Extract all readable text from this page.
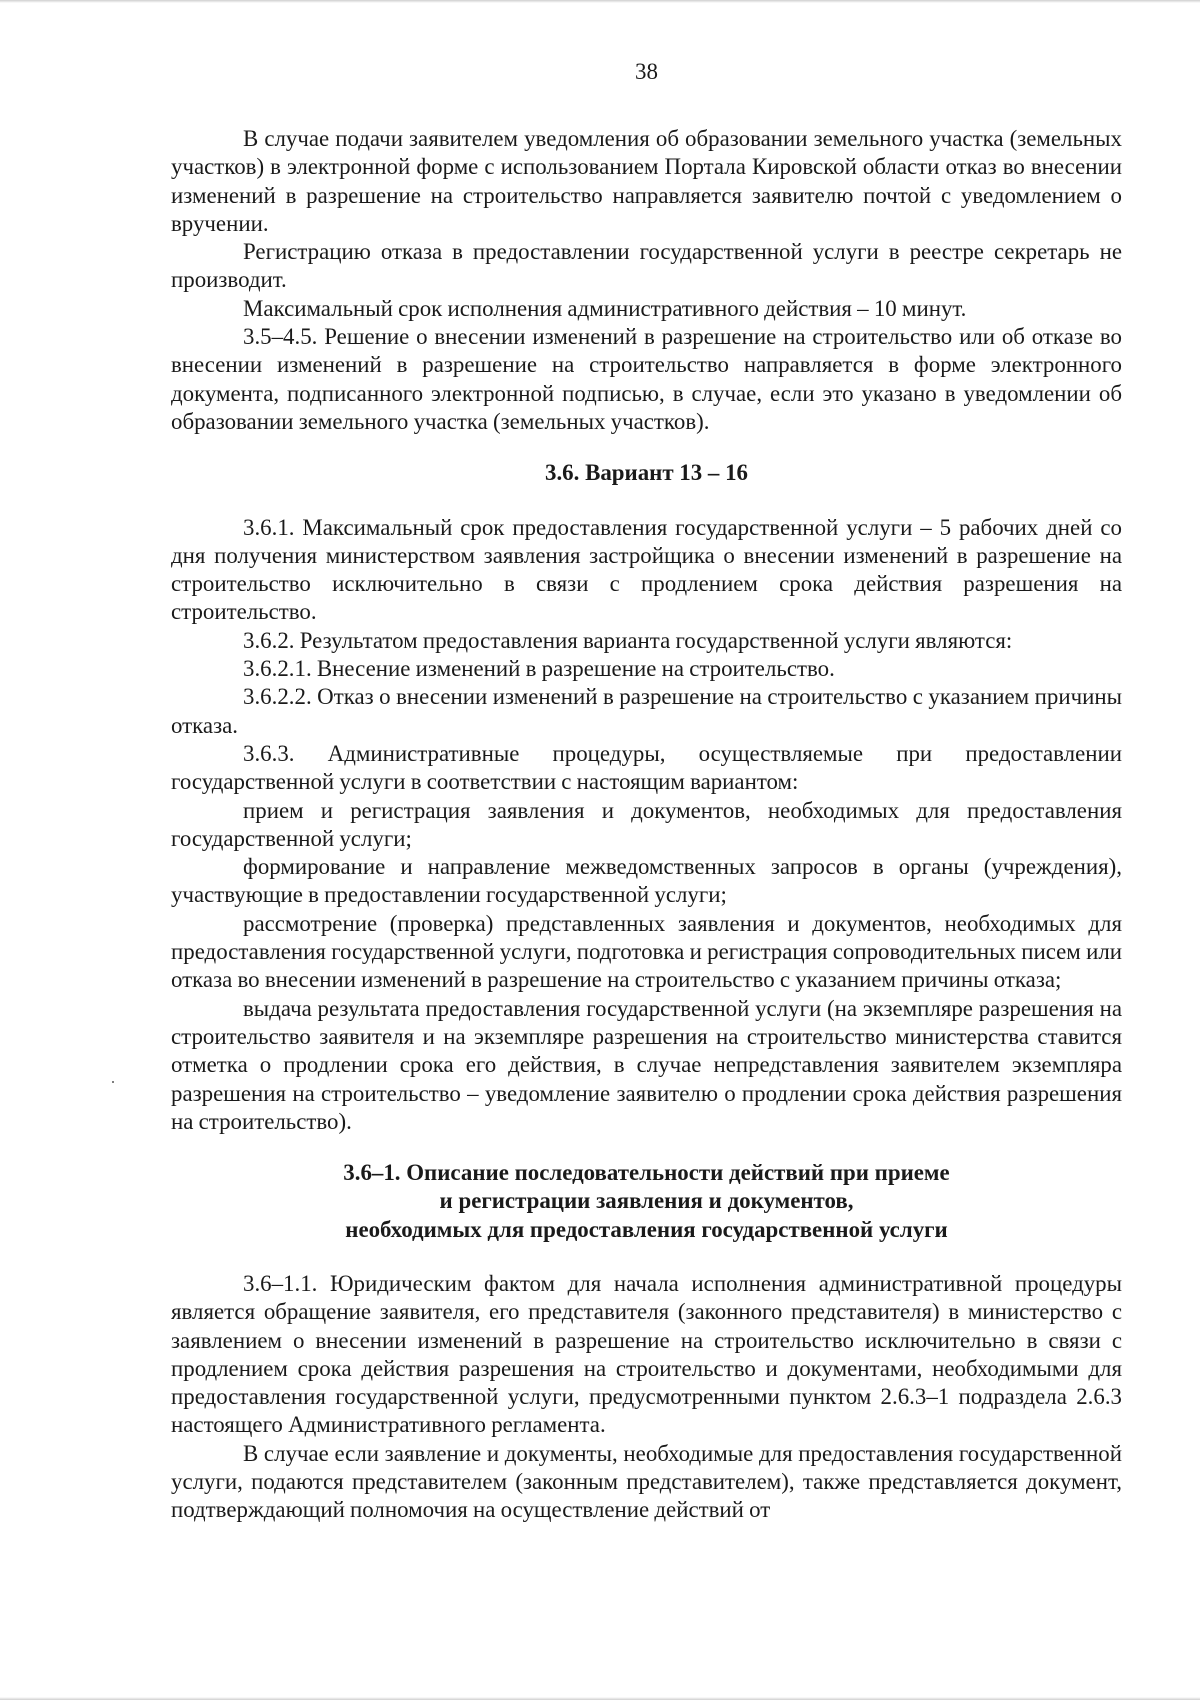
38

В случае подачи заявителем уведомления об образовании земельного участка (земельных участков) в электронной форме с использованием Портала Кировской области отказ во внесении изменений в разрешение на строительство направляется заявителю почтой с уведомлением о вручении.

Регистрацию отказа в предоставлении государственной услуги в реестре секретарь не производит.

Максимальный срок исполнения административного действия – 10 минут.

3.5–4.5. Решение о внесении изменений в разрешение на строительство или об отказе во внесении изменений в разрешение на строительство направляется в форме электронного документа, подписанного электронной подписью, в случае, если это указано в уведомлении об образовании земельного участка (земельных участков).

3.6. Вариант 13 – 16

3.6.1. Максимальный срок предоставления государственной услуги – 5 рабочих дней со дня получения министерством заявления застройщика о внесении изменений в разрешение на строительство исключительно в связи с продлением срока действия разрешения на строительство.

3.6.2. Результатом предоставления варианта государственной услуги являются:

3.6.2.1. Внесение изменений в разрешение на строительство.

3.6.2.2. Отказ о внесении изменений в разрешение на строительство с указанием причины отказа.

3.6.3. Административные процедуры, осуществляемые при предоставлении государственной услуги в соответствии с настоящим вариантом:

прием и регистрация заявления и документов, необходимых для предоставления государственной услуги;

формирование и направление межведомственных запросов в органы (учреждения), участвующие в предоставлении государственной услуги;

рассмотрение (проверка) представленных заявления и документов, необходимых для предоставления государственной услуги, подготовка и регистрация сопроводительных писем или отказа во внесении изменений в разрешение на строительство с указанием причины отказа;

выдача результата предоставления государственной услуги (на экземпляре разрешения на строительство заявителя и на экземпляре разрешения на строительство министерства ставится отметка о продлении срока его действия, в случае непредставления заявителем экземпляра разрешения на строительство – уведомление заявителю о продлении срока действия разрешения на строительство).

3.6–1. Описание последовательности действий при приеме
и регистрации заявления и документов,
необходимых для предоставления государственной услуги

3.6–1.1. Юридическим фактом для начала исполнения административной процедуры является обращение заявителя, его представителя (законного представителя) в министерство с заявлением о внесении изменений в разрешение на строительство исключительно в связи с продлением срока действия разрешения на строительство и документами, необходимыми для предоставления государственной услуги, предусмотренными пунктом 2.6.3–1 подраздела 2.6.3 настоящего Административного регламента.

В случае если заявление и документы, необходимые для предоставления государственной услуги, подаются представителем (законным представителем), также представляется документ, подтверждающий полномочия на осуществление действий от
